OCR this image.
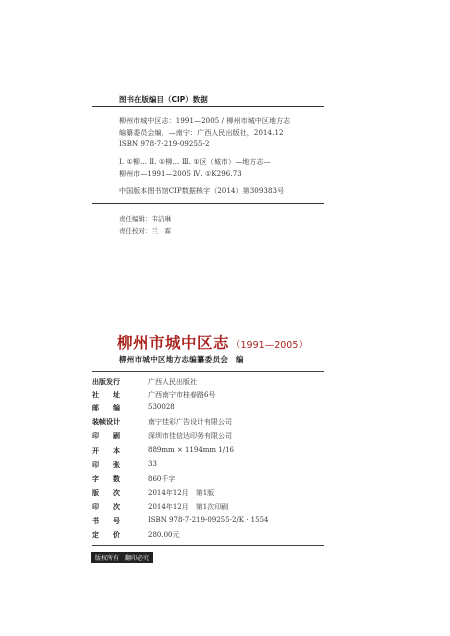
图书在版编目（CIP）数据
柳州市城中区志：1991—2005 / 柳州市城中区地方志
编纂委员会编．—南宁：广西人民出版社，2014.12
ISBN 978-7-219-09255-2
Ⅰ. ①柳… Ⅱ. ①柳… Ⅲ. ①区（城市）—地方志—
柳州市—1991—2005 Ⅳ. ①K296.73
中国版本图书馆CIP数据核字（2014）第309383号
责任编辑：韦洁琳
责任校对：兰　霖
柳州市城中区志 （1991—2005）
柳州市城中区地方志编纂委员会　编
出版发行	广西人民出版社
社　　址	广西南宁市桂春路6号
邮　　编	530028
装帧设计	南宁佳彩广告设计有限公司
印　　刷	深圳市佳信达印务有限公司
开　　本	889mm × 1194mm 1/16
印　　张	33
字　　数	860千字
版　　次	2014年12月　第1版
印　　次	2014年12月　第1次印刷
书　　号	ISBN 978-7-219-09255-2/K · 1554
定　　价	280.00元
版权所有　翻印必究
